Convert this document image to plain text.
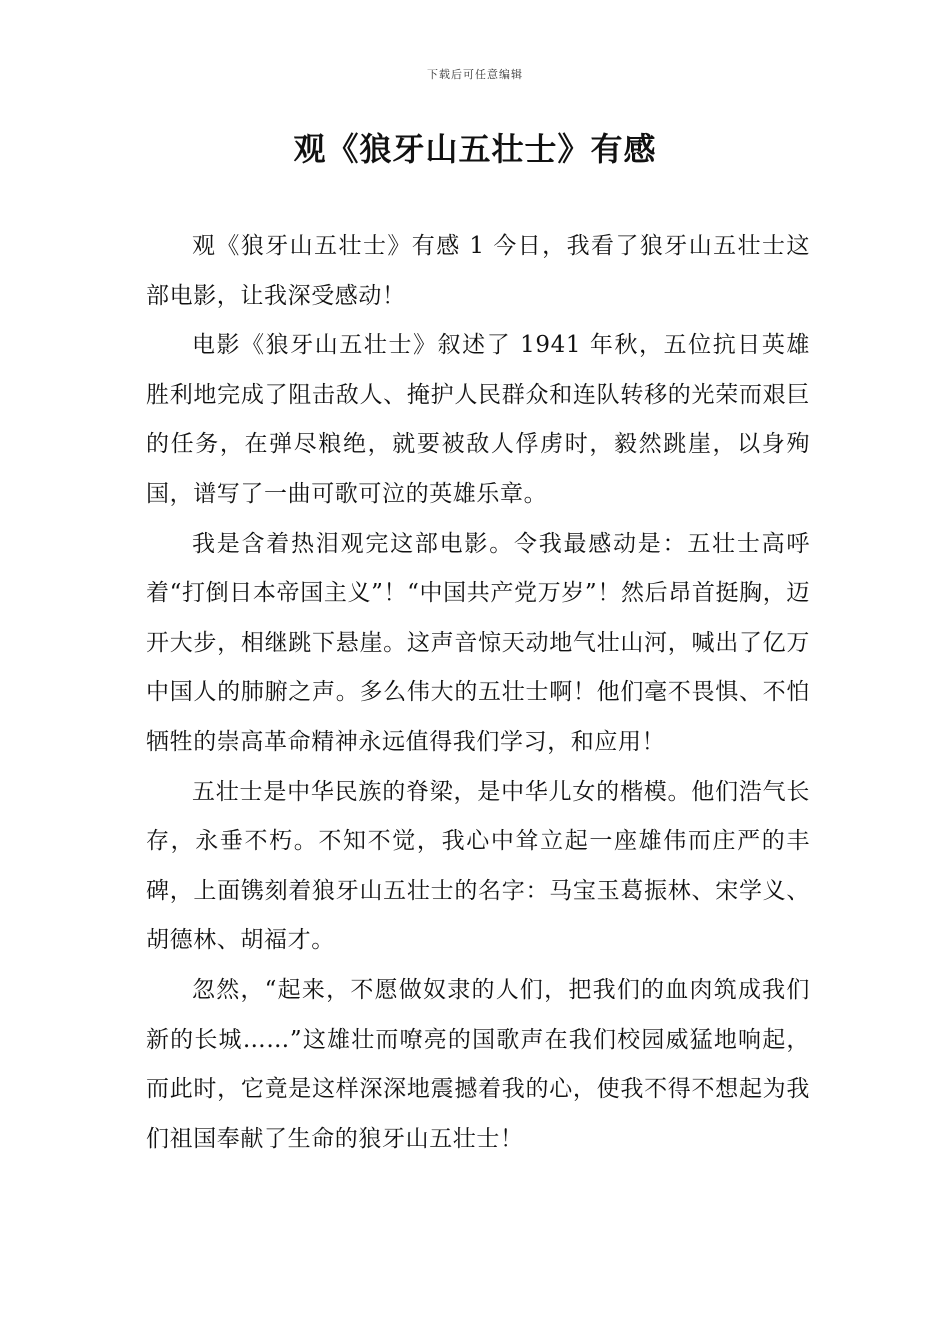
下载后可任意编辑
观《狼牙山五壮士》有感

观《狼牙山五壮士》有感 1 今日，我看了狼牙山五壮士这部电影，让我深受感动！

电影《狼牙山五壮士》叙述了 1941 年秋，五位抗日英雄胜利地完成了阻击敌人、掩护人民群众和连队转移的光荣而艰巨的任务，在弹尽粮绝，就要被敌人俘虏时，毅然跳崖，以身殉国，谱写了一曲可歌可泣的英雄乐章。

我是含着热泪观完这部电影。令我最感动是：五壮士高呼着“打倒日本帝国主义”！“中国共产党万岁”！然后昂首挺胸，迈开大步，相继跳下悬崖。这声音惊天动地气壮山河，喊出了亿万中国人的肺腑之声。多么伟大的五壮士啊！他们毫不畏惧、不怕牺牲的崇高革命精神永远值得我们学习，和应用！

五壮士是中华民族的脊梁，是中华儿女的楷模。他们浩气长存，永垂不朽。不知不觉，我心中耸立起一座雄伟而庄严的丰碑，上面镌刻着狼牙山五壮士的名字：马宝玉葛振林、宋学义、胡德林、胡福才。

忽然，“起来，不愿做奴隶的人们，把我们的血肉筑成我们新的长城……”这雄壮而嘹亮的国歌声在我们校园威猛地响起，而此时，它竟是这样深深地震撼着我的心，使我不得不想起为我们祖国奉献了生命的狼牙山五壮士！
